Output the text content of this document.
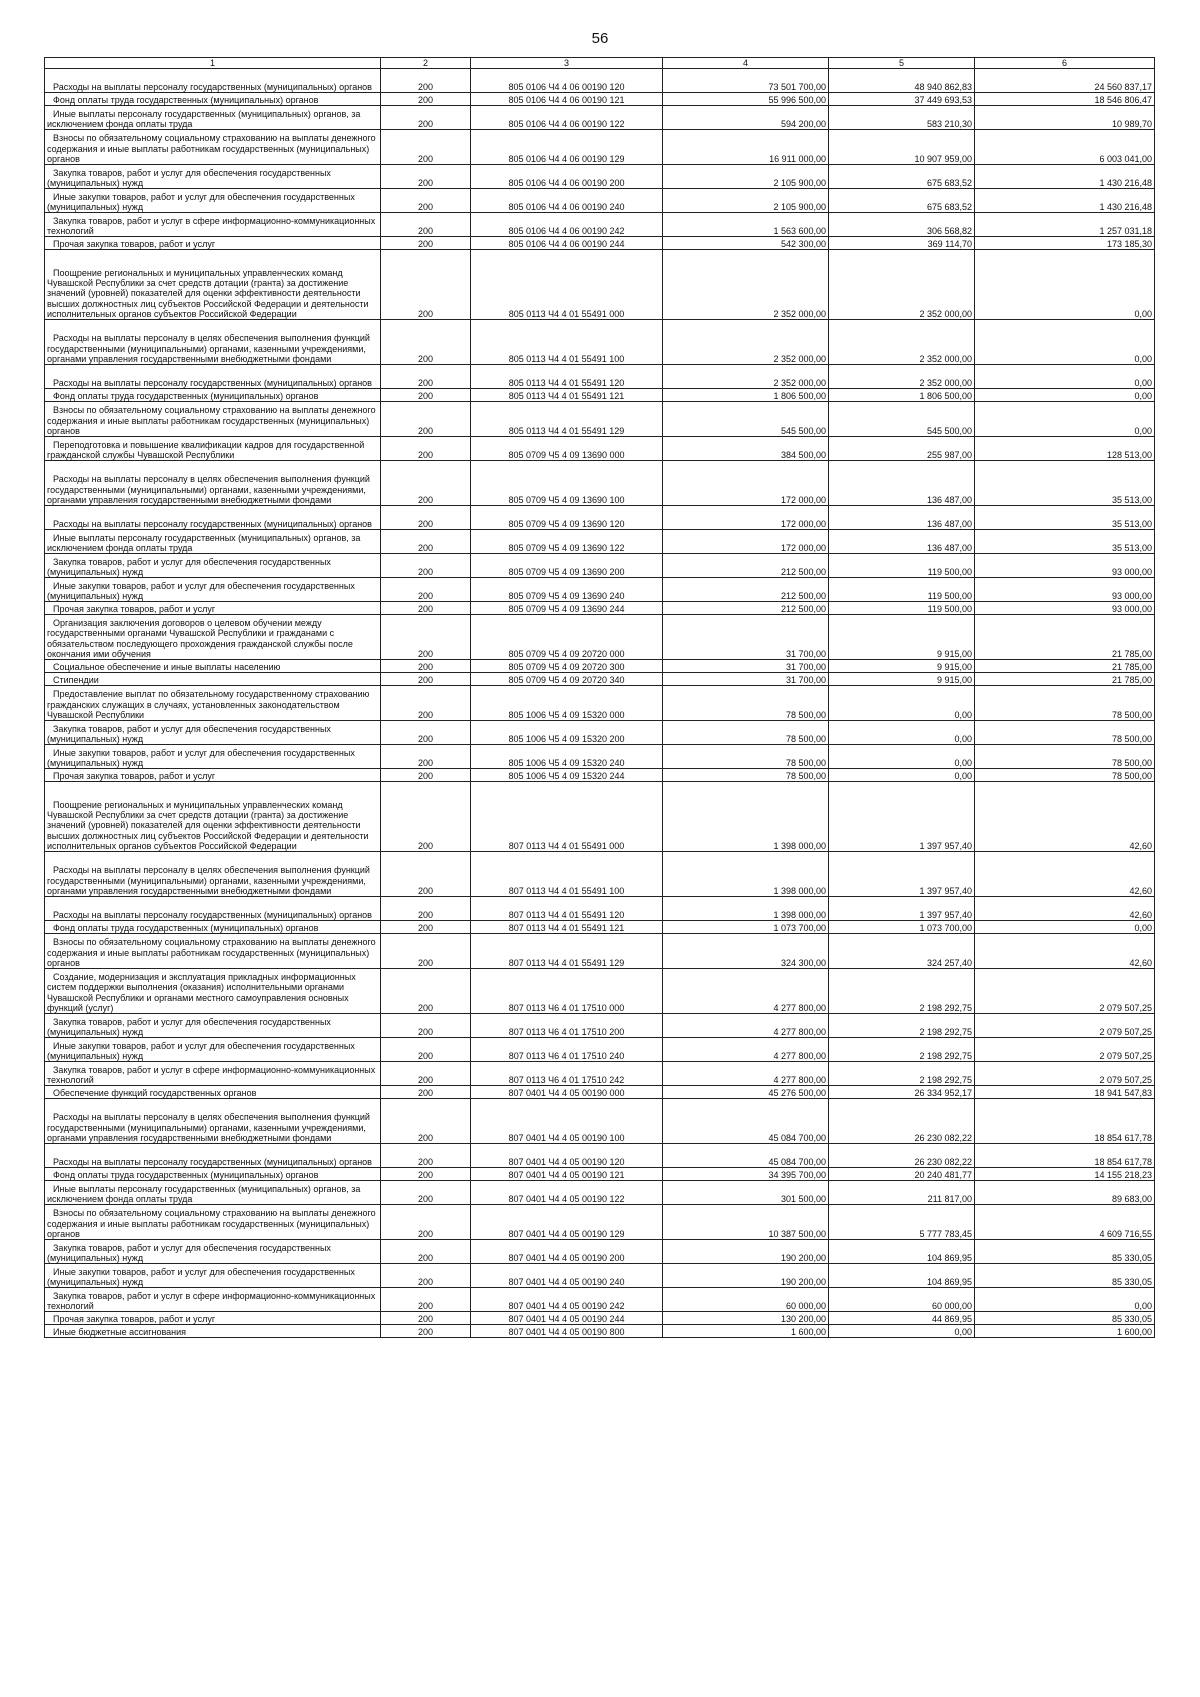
56
1	2	3	4	5	6

Расходы на выплаты персоналу государственных (муниципальных) органов	200	805 0106 Ч4 4 06 00190 120	73 501 700,00	48 940 862,83	24 560 837,17

Фонд оплаты труда государственных (муниципальных) органов	200	805 0106 Ч4 4 06 00190 121	55 996 500,00	37 449 693,53	18 546 806,47

Иные выплаты персоналу государственных (муниципальных) органов, за исключением фонда оплаты труда	200	805 0106 Ч4 4 06 00190 122	594 200,00	583 210,30	10 989,70

Взносы по обязательному социальному страхованию на выплаты денежного содержания и иные выплаты работникам государственных (муниципальных) органов	200	805 0106 Ч4 4 06 00190 129	16 911 000,00	10 907 959,00	6 003 041,00

Закупка товаров, работ и услуг для обеспечения государственных (муниципальных) нужд	200	805 0106 Ч4 4 06 00190 200	2 105 900,00	675 683,52	1 430 216,48

Иные закупки товаров, работ и услуг для обеспечения государственных (муниципальных) нужд	200	805 0106 Ч4 4 06 00190 240	2 105 900,00	675 683,52	1 430 216,48

Закупка товаров, работ и услуг в сфере информационно-коммуникационных технологий	200	805 0106 Ч4 4 06 00190 242	1 563 600,00	306 568,82	1 257 031,18

Прочая закупка товаров, работ и услуг	200	805 0106 Ч4 4 06 00190 244	542 300,00	369 114,70	173 185,30

Поощрение региональных и муниципальных управленческих команд Чувашской Республики за счет средств дотации (гранта) за достижение значений (уровней) показателей для оценки эффективности деятельности высших должностных лиц субъектов Российской Федерации и деятельности исполнительных органов субъектов Российской Федерации	200	805 0113 Ч4 4 01 55491 000	2 352 000,00	2 352 000,00	0,00

Расходы на выплаты персоналу в целях обеспечения выполнения функций государственными (муниципальными) органами, казенными учреждениями, органами управления государственными внебюджетными фондами	200	805 0113 Ч4 4 01 55491 100	2 352 000,00	2 352 000,00	0,00

Расходы на выплаты персоналу государственных (муниципальных) органов	200	805 0113 Ч4 4 01 55491 120	2 352 000,00	2 352 000,00	0,00

Фонд оплаты труда государственных (муниципальных) органов	200	805 0113 Ч4 4 01 55491 121	1 806 500,00	1 806 500,00	0,00

Взносы по обязательному социальному страхованию на выплаты денежного содержания и иные выплаты работникам государственных (муниципальных) органов	200	805 0113 Ч4 4 01 55491 129	545 500,00	545 500,00	0,00

Переподготовка и повышение квалификации кадров для государственной гражданской службы Чувашской Республики	200	805 0709 Ч5 4 09 13690 000	384 500,00	255 987,00	128 513,00

Расходы на выплаты персоналу в целях обеспечения выполнения функций государственными (муниципальными) органами, казенными учреждениями, органами управления государственными внебюджетными фондами	200	805 0709 Ч5 4 09 13690 100	172 000,00	136 487,00	35 513,00

Расходы на выплаты персоналу государственных (муниципальных) органов	200	805 0709 Ч5 4 09 13690 120	172 000,00	136 487,00	35 513,00

Иные выплаты персоналу государственных (муниципальных) органов, за исключением фонда оплаты труда	200	805 0709 Ч5 4 09 13690 122	172 000,00	136 487,00	35 513,00

Закупка товаров, работ и услуг для обеспечения государственных (муниципальных) нужд	200	805 0709 Ч5 4 09 13690 200	212 500,00	119 500,00	93 000,00

Иные закупки товаров, работ и услуг для обеспечения государственных (муниципальных) нужд	200	805 0709 Ч5 4 09 13690 240	212 500,00	119 500,00	93 000,00

Прочая закупка товаров, работ и услуг	200	805 0709 Ч5 4 09 13690 244	212 500,00	119 500,00	93 000,00

Организация заключения договоров о целевом обучении между государственными органами Чувашской Республики и гражданами с обязательством последующего прохождения гражданской службы после окончания ими обучения	200	805 0709 Ч5 4 09 20720 000	31 700,00	9 915,00	21 785,00

Социальное обеспечение и иные выплаты населению	200	805 0709 Ч5 4 09 20720 300	31 700,00	9 915,00	21 785,00

Стипендии	200	805 0709 Ч5 4 09 20720 340	31 700,00	9 915,00	21 785,00

Предоставление выплат по обязательному государственному страхованию гражданских служащих в случаях, установленных законодательством Чувашской Республики	200	805 1006 Ч5 4 09 15320 000	78 500,00	0,00	78 500,00

Закупка товаров, работ и услуг для обеспечения государственных (муниципальных) нужд	200	805 1006 Ч5 4 09 15320 200	78 500,00	0,00	78 500,00

Иные закупки товаров, работ и услуг для обеспечения государственных (муниципальных) нужд	200	805 1006 Ч5 4 09 15320 240	78 500,00	0,00	78 500,00

Прочая закупка товаров, работ и услуг	200	805 1006 Ч5 4 09 15320 244	78 500,00	0,00	78 500,00

Поощрение региональных и муниципальных управленческих команд Чувашской Республики за счет средств дотации (гранта) за достижение значений (уровней) показателей для оценки эффективности деятельности высших должностных лиц субъектов Российской Федерации и деятельности исполнительных органов субъектов Российской Федерации	200	807 0113 Ч4 4 01 55491 000	1 398 000,00	1 397 957,40	42,60

Расходы на выплаты персоналу в целях обеспечения выполнения функций государственными (муниципальными) органами, казенными учреждениями, органами управления государственными внебюджетными фондами	200	807 0113 Ч4 4 01 55491 100	1 398 000,00	1 397 957,40	42,60

Расходы на выплаты персоналу государственных (муниципальных) органов	200	807 0113 Ч4 4 01 55491 120	1 398 000,00	1 397 957,40	42,60

Фонд оплаты труда государственных (муниципальных) органов	200	807 0113 Ч4 4 01 55491 121	1 073 700,00	1 073 700,00	0,00

Взносы по обязательному социальному страхованию на выплаты денежного содержания и иные выплаты работникам государственных (муниципальных) органов	200	807 0113 Ч4 4 01 55491 129	324 300,00	324 257,40	42,60

Создание, модернизация и эксплуатация прикладных информационных систем поддержки выполнения (оказания) исполнительными органами Чувашской Республики и органами местного самоуправления основных функций (услуг)	200	807 0113 Ч6 4 01 17510 000	4 277 800,00	2 198 292,75	2 079 507,25

Закупка товаров, работ и услуг для обеспечения государственных (муниципальных) нужд	200	807 0113 Ч6 4 01 17510 200	4 277 800,00	2 198 292,75	2 079 507,25

Иные закупки товаров, работ и услуг для обеспечения государственных (муниципальных) нужд	200	807 0113 Ч6 4 01 17510 240	4 277 800,00	2 198 292,75	2 079 507,25

Закупка товаров, работ и услуг в сфере информационно-коммуникационных технологий	200	807 0113 Ч6 4 01 17510 242	4 277 800,00	2 198 292,75	2 079 507,25

Обеспечение функций государственных органов	200	807 0401 Ч4 4 05 00190 000	45 276 500,00	26 334 952,17	18 941 547,83

Расходы на выплаты персоналу в целях обеспечения выполнения функций государственными (муниципальными) органами, казенными учреждениями, органами управления государственными внебюджетными фондами	200	807 0401 Ч4 4 05 00190 100	45 084 700,00	26 230 082,22	18 854 617,78

Расходы на выплаты персоналу государственных (муниципальных) органов	200	807 0401 Ч4 4 05 00190 120	45 084 700,00	26 230 082,22	18 854 617,78

Фонд оплаты труда государственных (муниципальных) органов	200	807 0401 Ч4 4 05 00190 121	34 395 700,00	20 240 481,77	14 155 218,23

Иные выплаты персоналу государственных (муниципальных) органов, за исключением фонда оплаты труда	200	807 0401 Ч4 4 05 00190 122	301 500,00	211 817,00	89 683,00

Взносы по обязательному социальному страхованию на выплаты денежного содержания и иные выплаты работникам государственных (муниципальных) органов	200	807 0401 Ч4 4 05 00190 129	10 387 500,00	5 777 783,45	4 609 716,55

Закупка товаров, работ и услуг для обеспечения государственных (муниципальных) нужд	200	807 0401 Ч4 4 05 00190 200	190 200,00	104 869,95	85 330,05

Иные закупки товаров, работ и услуг для обеспечения государственных (муниципальных) нужд	200	807 0401 Ч4 4 05 00190 240	190 200,00	104 869,95	85 330,05

Закупка товаров, работ и услуг в сфере информационно-коммуникационных технологий	200	807 0401 Ч4 4 05 00190 242	60 000,00	60 000,00	0,00

Прочая закупка товаров, работ и услуг	200	807 0401 Ч4 4 05 00190 244	130 200,00	44 869,95	85 330,05

Иные бюджетные ассигнования	200	807 0401 Ч4 4 05 00190 800	1 600,00	0,00	1 600,00
